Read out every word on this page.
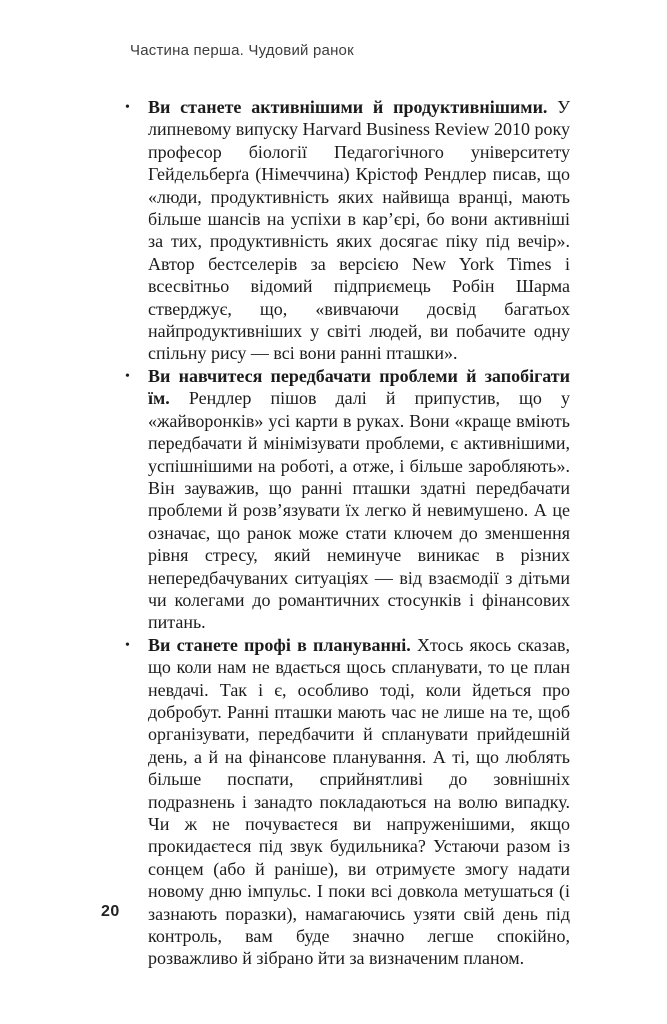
Частина перша. Чудовий ранок
• Ви станете активнішими й продуктивнішими. У липневому випуску Harvard Business Review 2010 року професор біології Педагогічного університету Гейдельберґа (Німеччина) Крістоф Рендлер писав, що «люди, продуктивність яких найвища вранці, мають більше шансів на успіхи в кар’єрі, бо вони активніші за тих, продуктивність яких досягає піку під вечір». Автор бестселерів за версією New York Times і всесвітньо відомий підприємець Робін Шарма стверджує, що, «вивчаючи досвід багатьох найпродуктивніших у світі людей, ви побачите одну спільну рису — всі вони ранні пташки».
• Ви навчитеся передбачати проблеми й запобігати їм. Рендлер пішов далі й припустив, що у «жайворонків» усі карти в руках. Вони «краще вміють передбачати й мінімізувати проблеми, є активнішими, успішнішими на роботі, а отже, і більше заробляють». Він зауважив, що ранні пташки здатні передбачати проблеми й розв’язувати їх легко й невимушено. А це означає, що ранок може стати ключем до зменшення рівня стресу, який неминуче виникає в різних непередбачуваних ситуаціях — від взаємодії з дітьми чи колегами до романтичних стосунків і фінансових питань.
• Ви станете профі в плануванні. Хтось якось сказав, що коли нам не вдається щось спланувати, то це план невдачі. Так і є, особливо тоді, коли йдеться про добробут. Ранні пташки мають час не лише на те, щоб організувати, передбачити й спланувати прийдешній день, а й на фінансове планування. А ті, що люблять більше поспати, сприйнятливі до зовнішніх подразнень і занадто покладаються на волю випадку. Чи ж не почуваєтеся ви напруженішими, якщо прокидаєтеся під звук будильника? Устаючи разом із сонцем (або й раніше), ви отримуєте змогу надати новому дню імпульс. І поки всі довкола метушаться (і зазнають поразки), намагаючись узяти свій день під контроль, вам буде значно легше спокійно, розважливо й зібрано йти за визначеним планом.
20
